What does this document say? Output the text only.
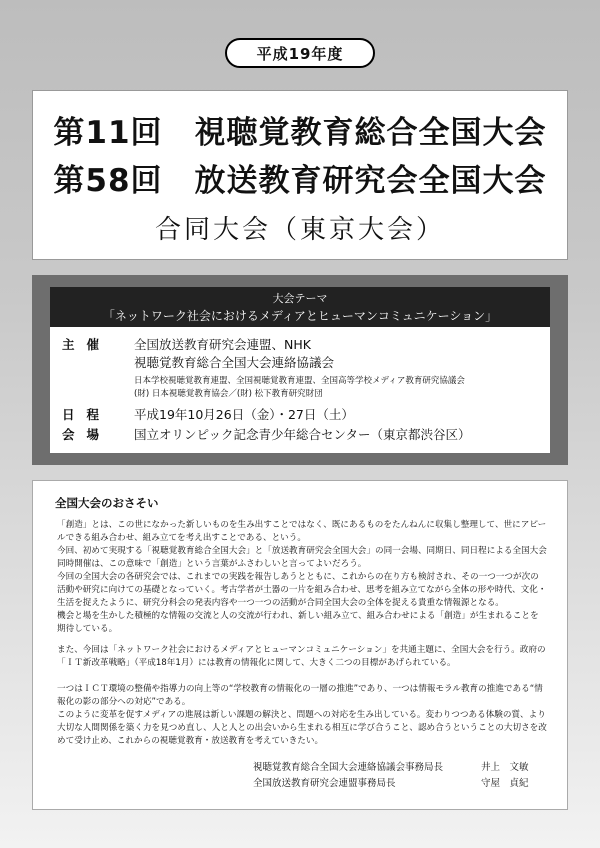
平成19年度
第11回　視聴覚教育総合全国大会
第58回　放送教育研究会全国大会
合同大会（東京大会）
大会テーマ
「ネットワーク社会におけるメディアとヒューマンコミュニケーション」
主催 全国放送教育研究会連盟、NHK
視聴覚教育総合全国大会連絡協議会
日本学校視聴覚教育連盟、全国視聴覚教育連盟、全国高等学校メディア教育研究協議会
(財) 日本視聴覚教育協会／(財) 松下教育研究財団
日程 平成19年10月26日（金）・27日（土）
会場 国立オリンピック記念青少年総合センター（東京都渋谷区）
全国大会のおさそい
「創造」とは、この世になかった新しいものを生み出すことではなく、既にあるものをたんねんに収集し整理して、世にアピールできる組み合わせ、組み立てを考え出すことである、という。
今回、初めて実現する「視聴覚教育総合全国大会」と「放送教育研究会全国大会」の同一会場、同期日、同日程による全国大会同時開催は、この意味で「創造」という言葉がふさわしいと言ってよいだろう。
今回の全国大会の各研究会では、これまでの実践を報告しあうとともに、これからの在り方も検討され、その一つ一つが次の活動や研究に向けての基礎となっていく。考古学者が土器の一片を組み合わせ、思考を組み立てながら全体の形や時代、文化・生活を捉えたように、研究分科会の発表内容や一つ一つの活動が合同全国大会の全体を捉える貴重な情報源となる。
機会と場を生かした積極的な情報の交流と人の交流が行われ、新しい組み立て、組み合わせによる「創造」が生まれることを期待している。
また、今回は「ネットワーク社会におけるメディアとヒューマンコミュニケーション」を共通主題に、全国大会を行う。政府の「ＩＴ新改革戦略」（平成18年1月）には教育の情報化に関して、大きく二つの目標があげられている。
一つはＩＣＴ環境の整備や指導力の向上等の“学校教育の情報化の一層の推進”であり、一つは情報モラル教育の推進である“情報化の影の部分への対応”である。
このように変革を促すメディアの進展は新しい課題の解決と、問題への対応を生み出している。変わりつつある体験の質、より大切な人間関係を築く力を見つめ直し、人と人との出会いから生まれる相互に学び合うこと、認め合うということの大切さを改めて受け止め、これからの視聴覚教育・放送教育を考えていきたい。
視聴覚教育総合全国大会連絡協議会事務局長	井上　文敏
全国放送教育研究会連盟事務局長	守屋　貞紀
